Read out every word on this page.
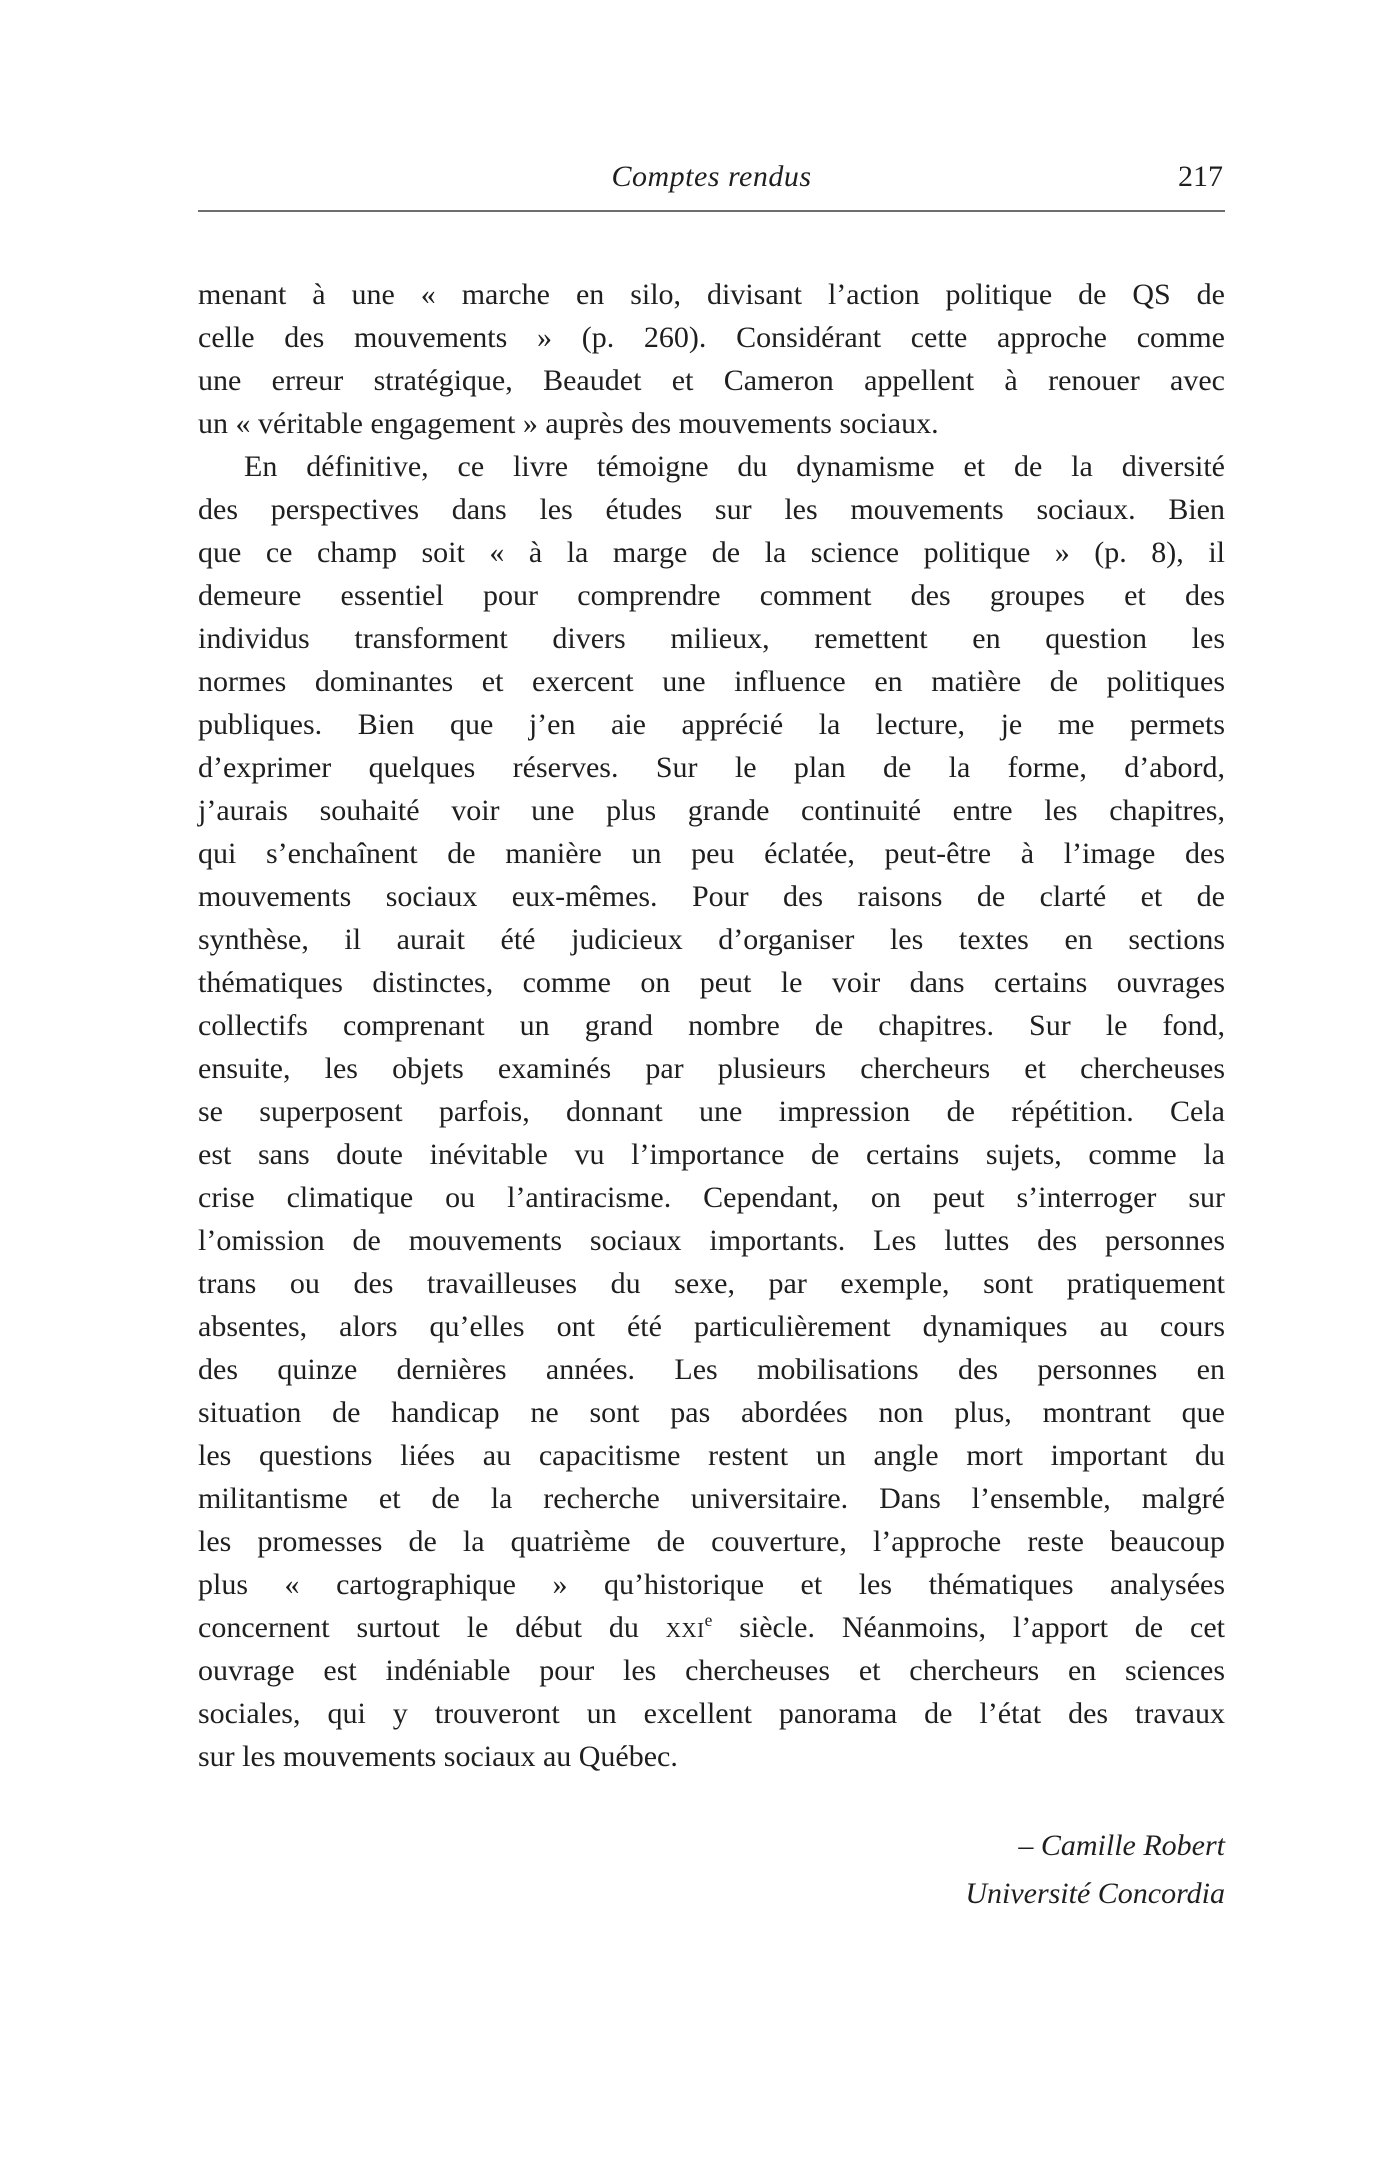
Comptes rendus	217
menant à une « marche en silo, divisant l’action politique de QS de
celle des mouvements » (p. 260). Considérant cette approche comme
une erreur stratégique, Beaudet et Cameron appellent à renouer avec
un « véritable engagement » auprès des mouvements sociaux.
En définitive, ce livre témoigne du dynamisme et de la diversité
des perspectives dans les études sur les mouvements sociaux. Bien
que ce champ soit « à la marge de la science politique » (p. 8), il
demeure essentiel pour comprendre comment des groupes et des
individus transforment divers milieux, remettent en question les
normes dominantes et exercent une influence en matière de politiques
publiques. Bien que j’en aie apprécié la lecture, je me permets
d’exprimer quelques réserves. Sur le plan de la forme, d’abord,
j’aurais souhaité voir une plus grande continuité entre les chapitres,
qui s’enchaînent de manière un peu éclatée, peut-être à l’image des
mouvements sociaux eux-mêmes. Pour des raisons de clarté et de
synthèse, il aurait été judicieux d’organiser les textes en sections
thématiques distinctes, comme on peut le voir dans certains ouvrages
collectifs comprenant un grand nombre de chapitres. Sur le fond,
ensuite, les objets examinés par plusieurs chercheurs et chercheuses
se superposent parfois, donnant une impression de répétition. Cela
est sans doute inévitable vu l’importance de certains sujets, comme la
crise climatique ou l’antiracisme. Cependant, on peut s’interroger sur
l’omission de mouvements sociaux importants. Les luttes des personnes
trans ou des travailleuses du sexe, par exemple, sont pratiquement
absentes, alors qu’elles ont été particulièrement dynamiques au cours
des quinze dernières années. Les mobilisations des personnes en
situation de handicap ne sont pas abordées non plus, montrant que
les questions liées au capacitisme restent un angle mort important du
militantisme et de la recherche universitaire. Dans l’ensemble, malgré
les promesses de la quatrième de couverture, l’approche reste beaucoup
plus « cartographique » qu’historique et les thématiques analysées
concernent surtout le début du xxi$^e$ siècle. Néanmoins, l’apport de cet
ouvrage est indéniable pour les chercheuses et chercheurs en sciences
sociales, qui y trouveront un excellent panorama de l’état des travaux
sur les mouvements sociaux au Québec.
– Camille Robert
Université Concordia
